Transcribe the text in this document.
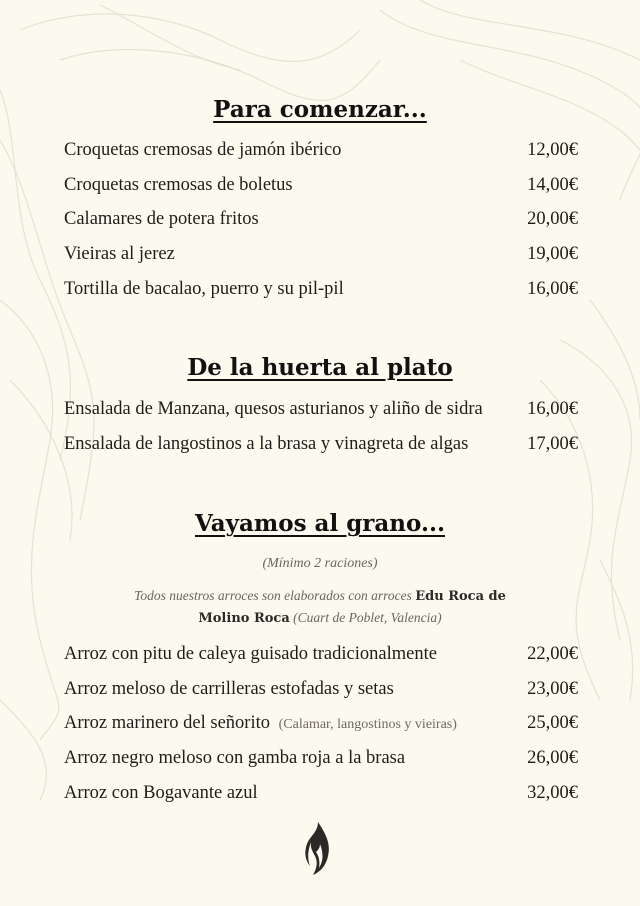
Para comenzar...
Croquetas cremosas de jamón ibérico	12,00€
Croquetas cremosas de boletus	14,00€
Calamares de potera fritos	20,00€
Vieiras al jerez	19,00€
Tortilla de bacalao, puerro y su pil-pil	16,00€
De la huerta al plato
Ensalada de Manzana, quesos asturianos y aliño de sidra 16,00€
Ensalada de langostinos a la brasa y vinagreta de algas	17,00€
Vayamos al grano...
(Mínimo 2 raciones)
Todos nuestros arroces son elaborados con arroces Edu Roca de Molino Roca (Cuart de Poblet, Valencia)
Arroz con pitu de caleya guisado tradicionalmente	22,00€
Arroz meloso de carrilleras estofadas y setas	23,00€
Arroz marinero del señorito (Calamar, langostinos y vieiras)	25,00€
Arroz negro meloso con gamba roja a la brasa	26,00€
Arroz con Bogavante azul	32,00€
